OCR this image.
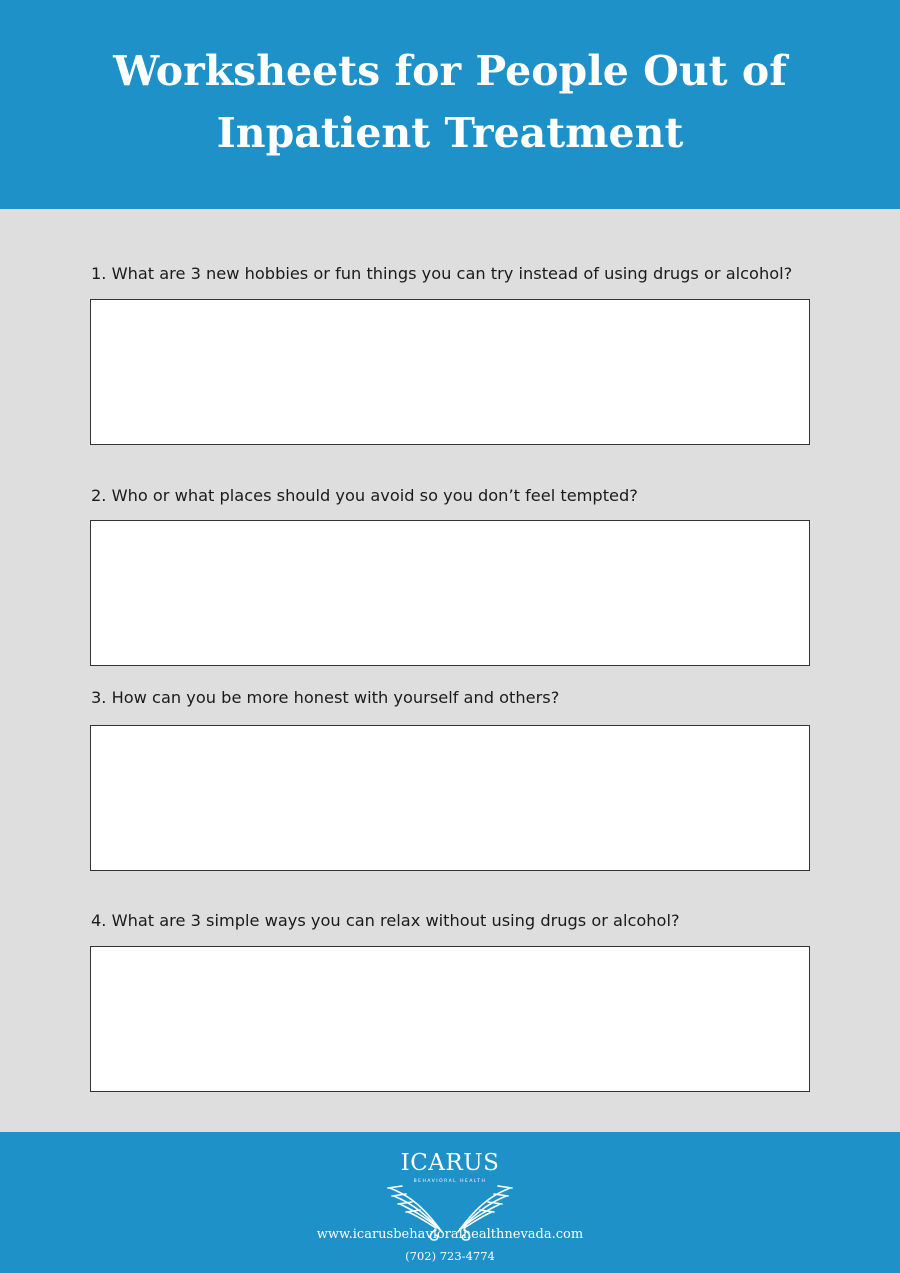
Worksheets for People Out of Inpatient Treatment
1. What are 3 new hobbies or fun things you can try instead of using drugs or alcohol?
2. Who or what places should you avoid so you don’t feel tempted?
3. How can you be more honest with yourself and others?
4. What are 3 simple ways you can relax without using drugs or alcohol?
ICARUS
BEHAVIORAL HEALTH
www.icarusbehavioralhealthnevada.com
(702) 723-4774
